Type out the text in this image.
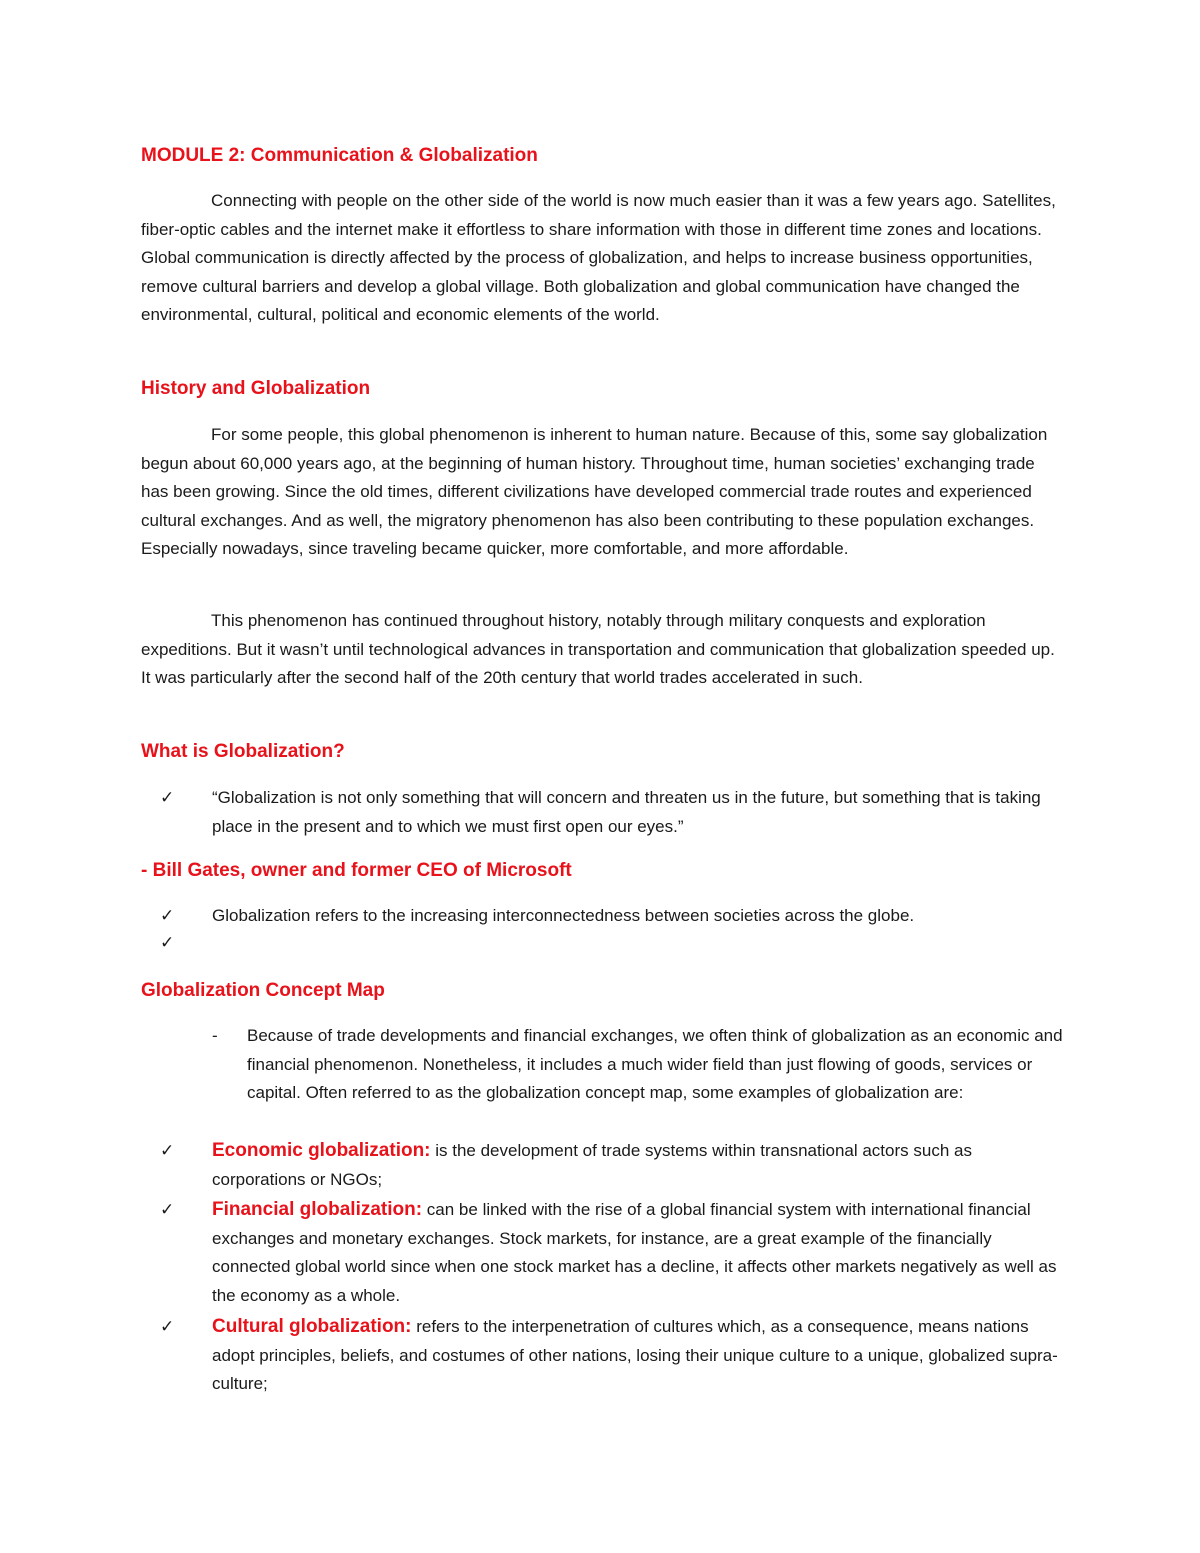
MODULE 2: Communication & Globalization

Connecting with people on the other side of the world is now much easier than it was a few years ago. Satellites, fiber-optic cables and the internet make it effortless to share information with those in different time zones and locations. Global communication is directly affected by the process of globalization, and helps to increase business opportunities, remove cultural barriers and develop a global village. Both globalization and global communication have changed the environmental, cultural, political and economic elements of the world.

History and Globalization

For some people, this global phenomenon is inherent to human nature. Because of this, some say globalization begun about 60,000 years ago, at the beginning of human history. Throughout time, human societies’ exchanging trade has been growing. Since the old times, different civilizations have developed commercial trade routes and experienced cultural exchanges. And as well, the migratory phenomenon has also been contributing to these population exchanges. Especially nowadays, since traveling became quicker, more comfortable, and more affordable.

This phenomenon has continued throughout history, notably through military conquests and exploration expeditions. But it wasn’t until technological advances in transportation and communication that globalization speeded up. It was particularly after the second half of the 20th century that world trades accelerated in such.

What is Globalization?
✓	“Globalization is not only something that will concern and threaten us in the future, but something that is taking place in the present and to which we must first open our eyes.”
- Bill Gates, owner and former CEO of Microsoft
✓	Globalization refers to the increasing interconnectedness between societies across the globe.
✓
Globalization Concept Map
- Because of trade developments and financial exchanges, we often think of globalization as an economic and financial phenomenon. Nonetheless, it includes a much wider field than just flowing of goods, services or capital. Often referred to as the globalization concept map, some examples of globalization are:
✓	Economic globalization: is the development of trade systems within transnational actors such as corporations or NGOs;
✓	Financial globalization: can be linked with the rise of a global financial system with international financial exchanges and monetary exchanges. Stock markets, for instance, are a great example of the financially connected global world since when one stock market has a decline, it affects other markets negatively as well as the economy as a whole.
✓	Cultural globalization: refers to the interpenetration of cultures which, as a consequence, means nations adopt principles, beliefs, and costumes of other nations, losing their unique culture to a unique, globalized supra-culture;
